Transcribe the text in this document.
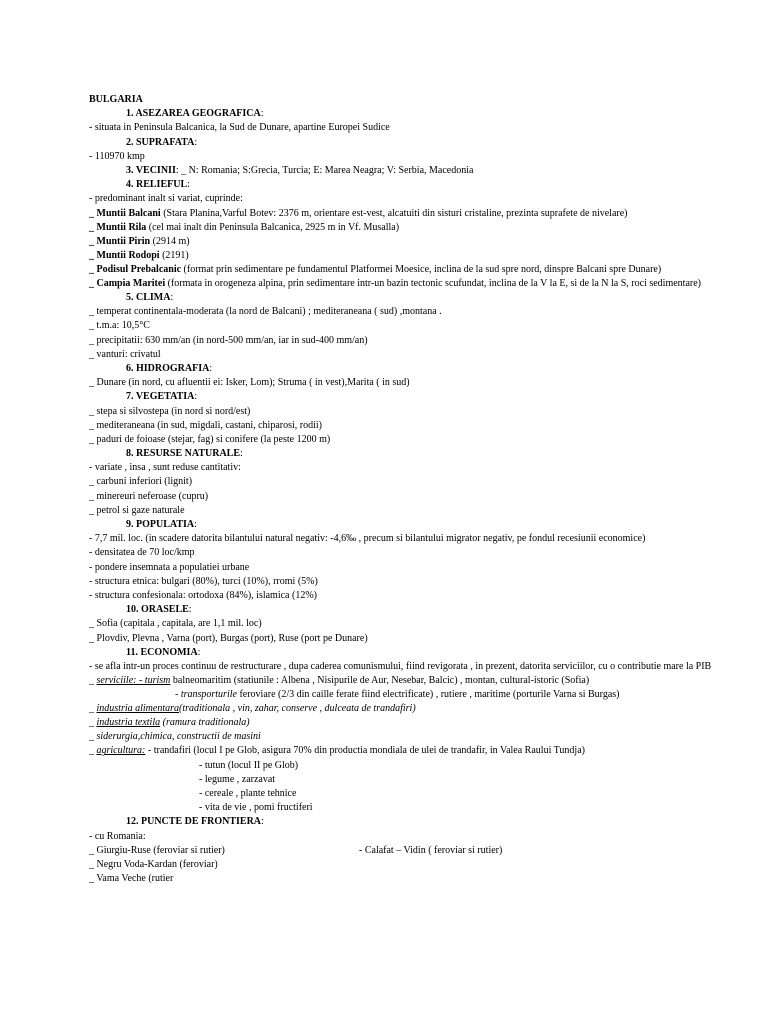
BULGARIA
1. ASEZAREA GEOGRAFICA:
- situata in Peninsula Balcanica, la Sud de Dunare, apartine Europei Sudice
2. SUPRAFATA:
- 110970 kmp
3. VECINII: _ N: Romania; S:Grecia, Turcia; E: Marea Neagra; V: Serbia, Macedonia
4. RELIEFUL:
- predominant inalt si variat, cuprinde:
_ Muntii Balcani (Stara Planina,Varful Botev: 2376 m, orientare est-vest, alcatuiti din sisturi cristaline, prezinta suprafete de nivelare)
_ Muntii Rila (cel mai inalt din Peninsula Balcanica, 2925 m in Vf. Musalla)
_ Muntii Pirin (2914 m)
_ Muntii Rodopi (2191)
_ Podisul Prebalcanic (format prin sedimentare pe fundamentul Platformei Moesice, inclina de la sud spre nord, dinspre Balcani spre Dunare)
_ Campia Maritei (formata in orogeneza alpina, prin sedimentare intr-un bazin tectonic scufundat, inclina de la V la E, si de la N la S, roci sedimentare)
5. CLIMA:
_ temperat continentala-moderata (la nord de Balcani) ; mediteraneana ( sud) ,montana .
_ t.m.a: 10,5°C
_ precipitatii: 630 mm/an (in nord-500 mm/an, iar in sud-400 mm/an)
_ vanturi: crivatul
6. HIDROGRAFIA:
_ Dunare (in nord, cu afluentii ei: Isker, Lom); Struma ( in vest),Marita ( in sud)
7. VEGETATIA:
_ stepa si silvostepa (in nord si nord/est)
_ mediteraneana (in sud, migdali, castani, chiparosi, rodii)
_ paduri de foioase (stejar, fag) si conifere (la peste 1200 m)
8. RESURSE NATURALE:
- variate , insa , sunt reduse cantitativ:
_ carbuni inferiori (lignit)
_ minereuri neferoase (cupru)
_ petrol si gaze naturale
9. POPULATIA:
- 7,7 mil. loc. (in scadere datorita bilantului natural negativ: -4,6‰ , precum si bilantului migrator negativ, pe fondul recesiunii economice)
- densitatea de 70 loc/kmp
- pondere insemnata a populatiei urbane
- structura etnica: bulgari (80%), turci (10%), rromi (5%)
- structura confesionala: ortodoxa (84%), islamica (12%)
10. ORASELE:
_ Sofia (capitala , capitala, are 1,1 mil. loc)
_ Plovdiv, Plevna , Varna (port), Burgas (port), Ruse (port pe Dunare)
11. ECONOMIA:
- se afla intr-un proces continuu de restructurare , dupa caderea comunismului, fiind revigorata , in prezent, datorita serviciilor, cu o contributie mare la PIB
_ serviciile: - turism balneomaritim (statiunile : Albena , Nisipurile de Aur, Nesebar, Balcic) , montan, cultural-istoric (Sofia)
- transporturile feroviare (2/3 din caille ferate fiind electrificate) , rutiere , maritime (porturile Varna si Burgas)
_ industria alimentara(traditionala , vin, zahar, conserve , dulceata de trandafiri)
_ industria textila (ramura traditionala)
_ siderurgia,chimica, constructii de masini
_ agricultura: - trandafiri (locul I pe Glob, asigura 70% din productia mondiala de ulei de trandafir, in Valea Raului Tundja)
- tutun (locul II pe Glob)
- legume , zarzavat
- cereale , plante tehnice
- vita de vie , pomi fructiferi
12. PUNCTE DE FRONTIERA:
- cu Romania:
_ Giurgiu-Ruse (feroviar si rutier)	- Calafat – Vidin ( feroviar si rutier)
_ Negru Voda-Kardan (feroviar)
_ Vama Veche (rutier
